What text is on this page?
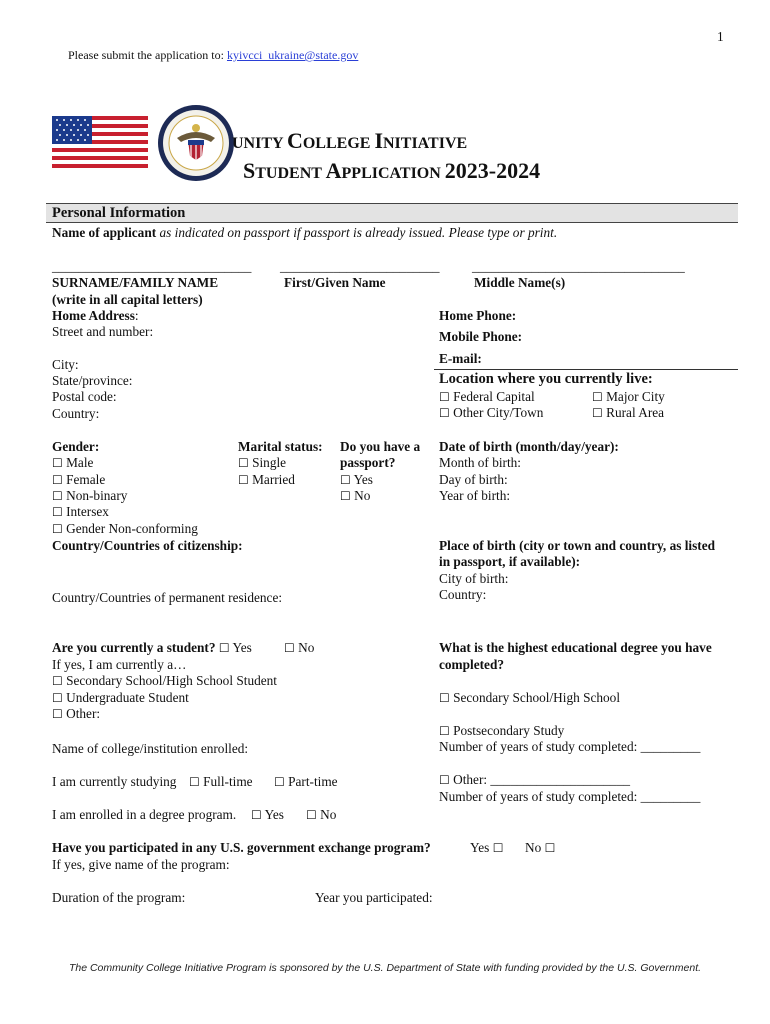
1
Please submit the application to: kyivcci_ukraine@state.gov
UNITY COLLEGE INITIATIVE
STUDENT APPLICATION 2023-2024
Personal Information
Name of applicant as indicated on passport if passport is already issued. Please type or print.
______________________________ ________________________ ________________________________
SURNAME/FAMILY NAME
(write in all capital letters)
First/Given Name	Middle Name(s)
Home Address:
Street and number:
Home Phone:
Mobile Phone:
E-mail:
City:
State/province:
Postal code:
Country:
Location where you currently live:
☐ Federal Capital	☐ Major City
☐ Other City/Town	☐ Rural Area
Gender:
☐ Male
☐ Female
☐ Non-binary
☐ Intersex
☐ Gender Non-conforming
Marital status:
☐ Single
☐ Married
Do you have a
passport?
☐ Yes
☐ No
Date of birth (month/day/year):
Month of birth:
Day of birth:
Year of birth:
Country/Countries of citizenship:	Place of birth (city or town and country, as listed
in passport, if available):
City of birth:
Country:
Country/Countries of permanent residence:
Are you currently a student? ☐ Yes	☐ No
If yes, I am currently a…
☐ Secondary School/High School Student
☐ Undergraduate Student
☐ Other:
What is the highest educational degree you have
completed?
☐ Secondary School/High School
☐ Postsecondary Study
Number of years of study completed: _________
☐ Other: _____________________
Number of years of study completed: _________
Name of college/institution enrolled:
I am currently studying ☐ Full-time ☐ Part-time
I am enrolled in a degree program. ☐ Yes ☐ No
Have you participated in any U.S. government exchange program?	Yes ☐ No ☐
If yes, give name of the program:
Duration of the program:	Year you participated:
The Community College Initiative Program is sponsored by the U.S. Department of State with funding provided by the U.S. Government.
